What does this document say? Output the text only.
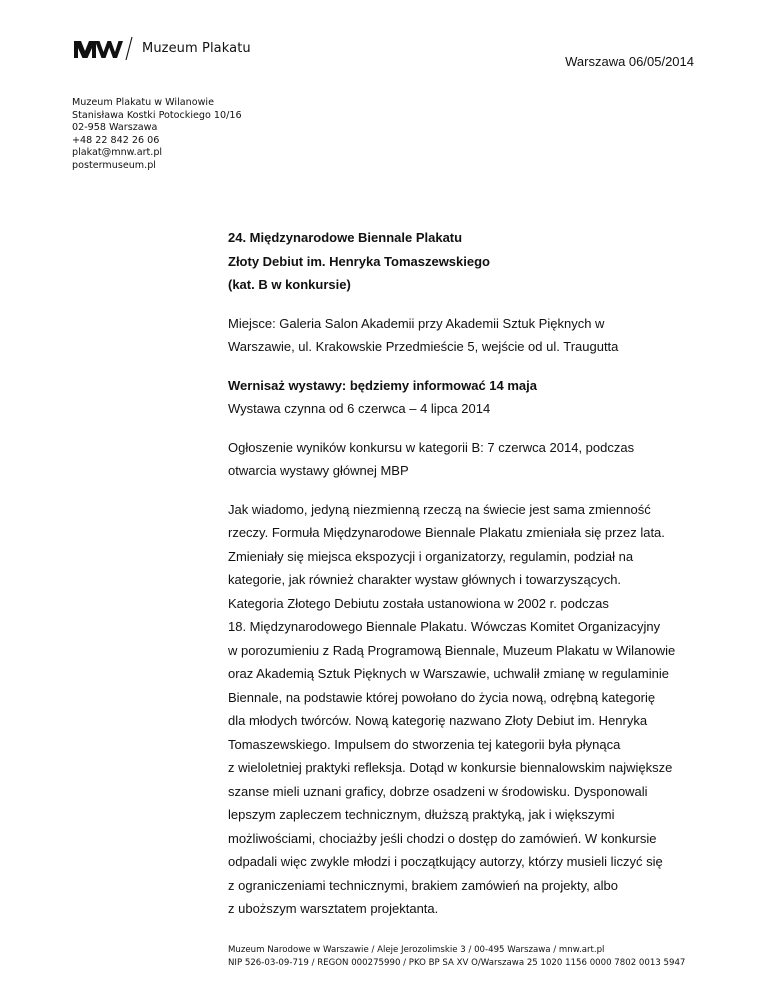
Muzeum Plakatu
Warszawa 06/05/2014
Muzeum Plakatu w Wilanowie
Stanisława Kostki Potockiego 10/16
02-958 Warszawa
+48 22 842 26 06
plakat@mnw.art.pl
postermuseum.pl
24. Międzynarodowe Biennale Plakatu
Złoty Debiut im. Henryka Tomaszewskiego
(kat. B w konkursie)
Miejsce: Galeria Salon Akademii przy Akademii Sztuk Pięknych w
Warszawie, ul. Krakowskie Przedmieście 5, wejście od ul. Traugutta
Wernisaż wystawy: będziemy informować 14 maja
Wystawa czynna od 6 czerwca – 4 lipca 2014
Ogłoszenie wyników konkursu w kategorii B: 7 czerwca 2014, podczas
otwarcia wystawy głównej MBP
Jak wiadomo, jedyną niezmienną rzeczą na świecie jest sama zmienność
rzeczy. Formuła Międzynarodowe Biennale Plakatu zmieniała się przez lata.
Zmieniały się miejsca ekspozycji i organizatorzy, regulamin, podział na
kategorie, jak również charakter wystaw głównych i towarzyszących.
Kategoria Złotego Debiutu została ustanowiona w 2002 r. podczas
18. Międzynarodowego Biennale Plakatu. Wówczas Komitet Organizacyjny
w porozumieniu z Radą Programową Biennale, Muzeum Plakatu w Wilanowie
oraz Akademią Sztuk Pięknych w Warszawie, uchwalił zmianę w regulaminie
Biennale, na podstawie której powołano do życia nową, odrębną kategorię
dla młodych twórców. Nową kategorię nazwano Złoty Debiut im. Henryka
Tomaszewskiego. Impulsem do stworzenia tej kategorii była płynąca
z wieloletniej praktyki refleksja. Dotąd w konkursie biennalowskim największe
szanse mieli uznani graficy, dobrze osadzeni w środowisku. Dysponowali
lepszym zapleczem technicznym, dłuższą praktyką, jak i większymi
możliwościami, chociażby jeśli chodzi o dostęp do zamówień. W konkursie
odpadali więc zwykle młodzi i początkujący autorzy, którzy musieli liczyć się
z ograniczeniami technicznymi, brakiem zamówień na projekty, albo
z uboższym warsztatem projektanta.
Muzeum Narodowe w Warszawie / Aleje Jerozolimskie 3 / 00-495 Warszawa / mnw.art.pl
NIP 526-03-09-719 / REGON 000275990 / PKO BP SA XV O/Warszawa 25 1020 1156 0000 7802 0013 5947
